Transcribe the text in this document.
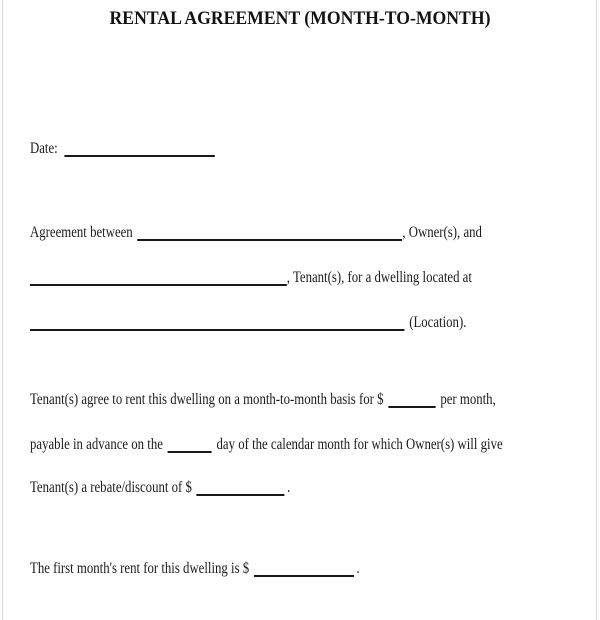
RENTAL AGREEMENT (MONTH-TO-MONTH)
Date:
Agreement between	, Owner(s), and
, Tenant(s), for a dwelling located at
(Location).
Tenant(s) agree to rent this dwelling on a month-to-month basis for $	per month,
payable in advance on the	day of the calendar month for which Owner(s) will give
Tenant(s) a rebate/discount of $	.
The first month's rent for this dwelling is $	.
